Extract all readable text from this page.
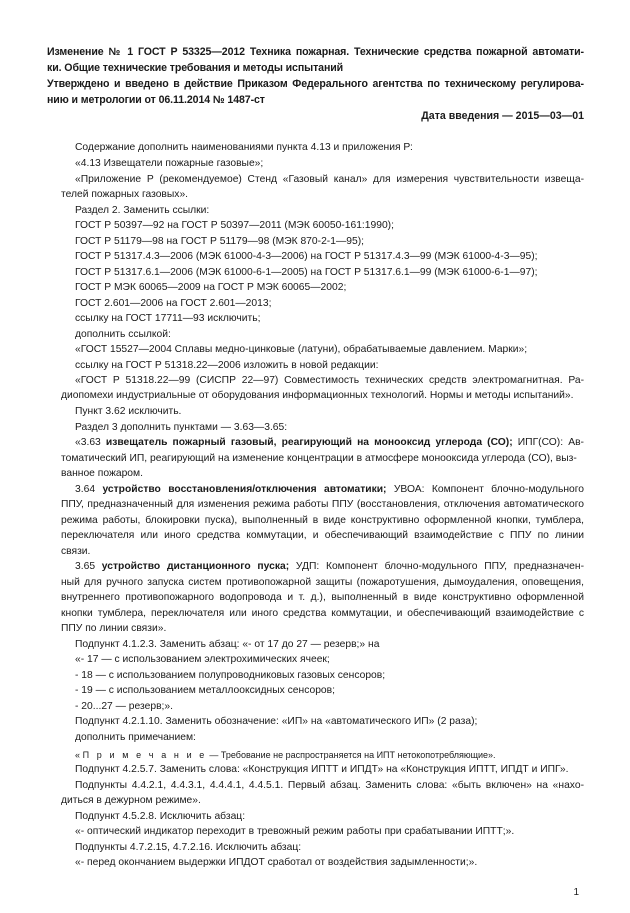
Изменение № 1 ГОСТ Р 53325—2012 Техника пожарная. Технические средства пожарной автомати-
ки. Общие технические требования и методы испытаний
Утверждено и введено в действие Приказом Федерального агентства по техническому регулирова-
нию и метрологии от 06.11.2014 № 1487-ст
Дата введения — 2015—03—01
Содержание дополнить наименованиями пункта 4.13 и приложения Р:
«4.13 Извещатели пожарные газовые»;
«Приложение Р (рекомендуемое) Стенд «Газовый канал» для измерения чувствительности извеща-
телей пожарных газовых».
Раздел 2. Заменить ссылки:
ГОСТ Р 50397—92 на ГОСТ Р 50397—2011 (МЭК 60050-161:1990);
ГОСТ Р 51179—98 на ГОСТ Р 51179—98 (МЭК 870-2-1—95);
ГОСТ Р 51317.4.3—2006 (МЭК 61000-4-3—2006) на ГОСТ Р 51317.4.3—99 (МЭК 61000-4-3—95);
ГОСТ Р 51317.6.1—2006 (МЭК 61000-6-1—2005) на ГОСТ Р 51317.6.1—99 (МЭК 61000-6-1—97);
ГОСТ Р МЭК 60065—2009 на ГОСТ Р МЭК 60065—2002;
ГОСТ 2.601—2006 на ГОСТ 2.601—2013;
ссылку на ГОСТ 17711—93 исключить;
дополнить ссылкой:
«ГОСТ 15527—2004 Сплавы медно-цинковые (латуни), обрабатываемые давлением. Марки»;
ссылку на ГОСТ Р 51318.22—2006 изложить в новой редакции:
«ГОСТ Р 51318.22—99 (СИСПР 22—97) Совместимость технических средств электромагнитная. Ра-
диопомехи индустриальные от оборудования информационных технологий. Нормы и методы испытаний».
Пункт 3.62 исключить.
Раздел 3 дополнить пунктами — 3.63—3.65:
«3.63 извещатель пожарный газовый, реагирующий на монооксид углерода (СО); ИПГ(СО): Ав-
томатический ИП, реагирующий на изменение концентрации в атмосфере монооксида углерода (СО), выз-
ванное пожаром.
3.64 устройство восстановления/отключения автоматики; УВОА: Компонент блочно-модульного
ППУ, предназначенный для изменения режима работы ППУ (восстановления, отключения автоматического
режима работы, блокировки пуска), выполненный в виде конструктивно оформленной кнопки, тумблера,
переключателя или иного средства коммутации, и обеспечивающий взаимодействие с ППУ по линии
связи.
3.65 устройство дистанционного пуска; УДП: Компонент блочно-модульного ППУ, предназначен-
ный для ручного запуска систем противопожарной защиты (пожаротушения, дымоудаления, оповещения,
внутреннего противопожарного водопровода и т. д.), выполненный в виде конструктивно оформленной
кнопки тумблера, переключателя или иного средства коммутации, и обеспечивающий взаимодействие с
ППУ по линии связи».
Подпункт 4.1.2.3. Заменить абзац: «- от 17 до 27 — резерв;» на
«- 17 — с использованием электрохимических ячеек;
- 18 — с использованием полупроводниковых газовых сенсоров;
- 19 — с использованием металлооксидных сенсоров;
- 20...27 — резерв;».
Подпункт 4.2.1.10. Заменить обозначение: «ИП» на «автоматического ИП» (2 раза);
дополнить примечанием:
«П р и м е ч а н и е — Требование не распространяется на ИПТ нетокопотребляющие».
Подпункт 4.2.5.7. Заменить слова: «Конструкция ИПТТ и ИПДТ» на «Конструкция ИПТТ, ИПДТ и ИПГ».
Подпункты 4.4.2.1, 4.4.3.1, 4.4.4.1, 4.4.5.1. Первый абзац. Заменить слова: «быть включен» на «нахо-
диться в дежурном режиме».
Подпункт 4.5.2.8. Исключить абзац:
«- оптический индикатор переходит в тревожный режим работы при срабатывании ИПТТ;».
Подпункты 4.7.2.15, 4.7.2.16. Исключить абзац:
«- перед окончанием выдержки ИПДОТ сработал от воздействия задымленности;».
1
